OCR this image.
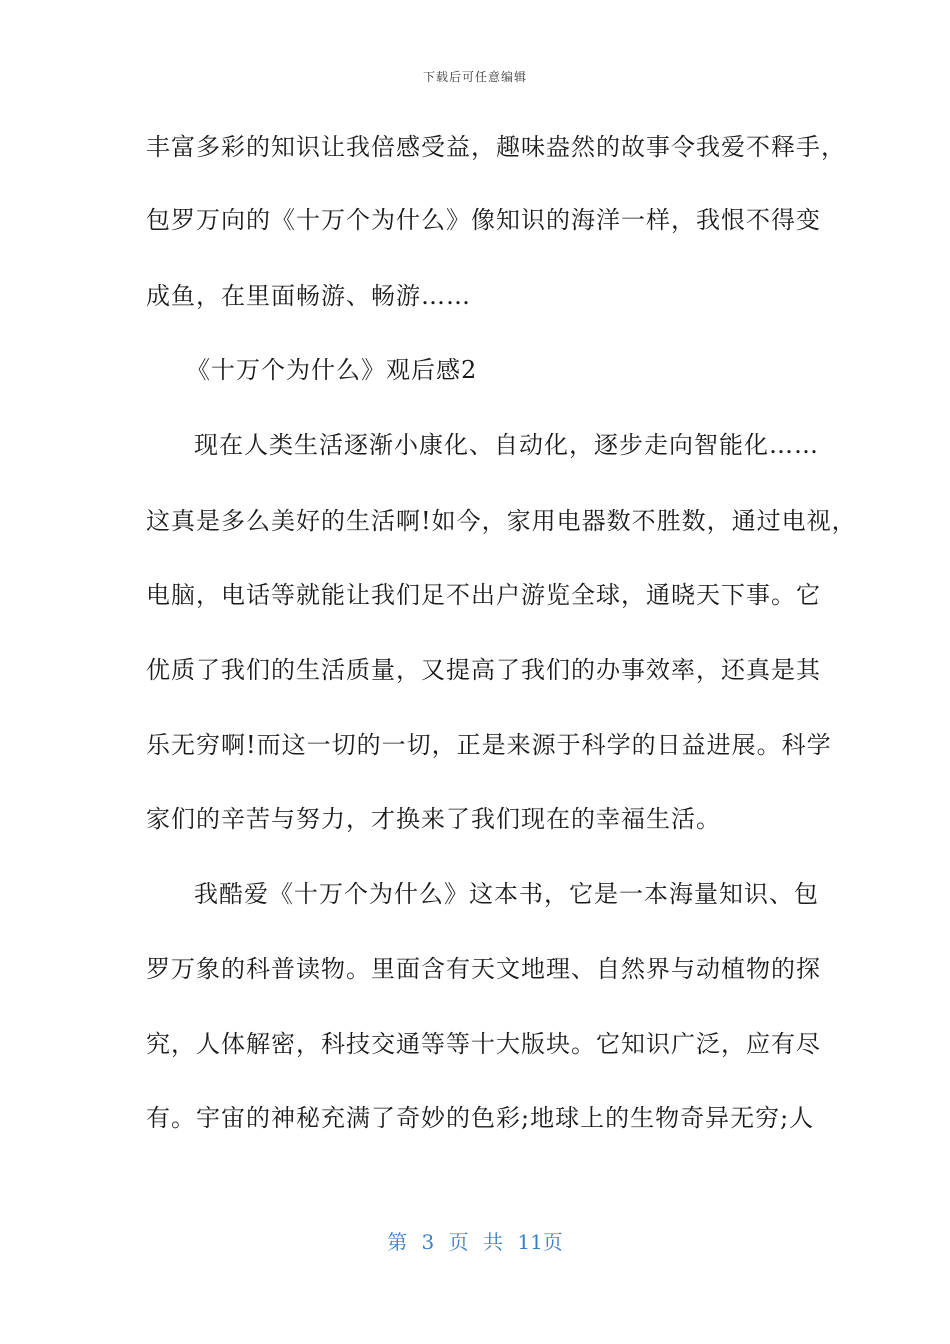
下载后可任意编辑
丰富多彩的知识让我倍感受益，趣味盎然的故事令我爱不释手，
包罗万向的《十万个为什么》像知识的海洋一样，我恨不得变
成鱼，在里面畅游、畅游……
《十万个为什么》观后感2
现在人类生活逐渐小康化、自动化，逐步走向智能化……
这真是多么美好的生活啊!如今，家用电器数不胜数，通过电视，
电脑，电话等就能让我们足不出户游览全球，通晓天下事。它
优质了我们的生活质量，又提高了我们的办事效率，还真是其
乐无穷啊!而这一切的一切，正是来源于科学的日益进展。科学
家们的辛苦与努力，才换来了我们现在的幸福生活。
我酷爱《十万个为什么》这本书，它是一本海量知识、包
罗万象的科普读物。里面含有天文地理、自然界与动植物的探
究，人体解密，科技交通等等十大版块。它知识广泛，应有尽
有。宇宙的神秘充满了奇妙的色彩;地球上的生物奇异无穷;人
第 3 页 共 11页
